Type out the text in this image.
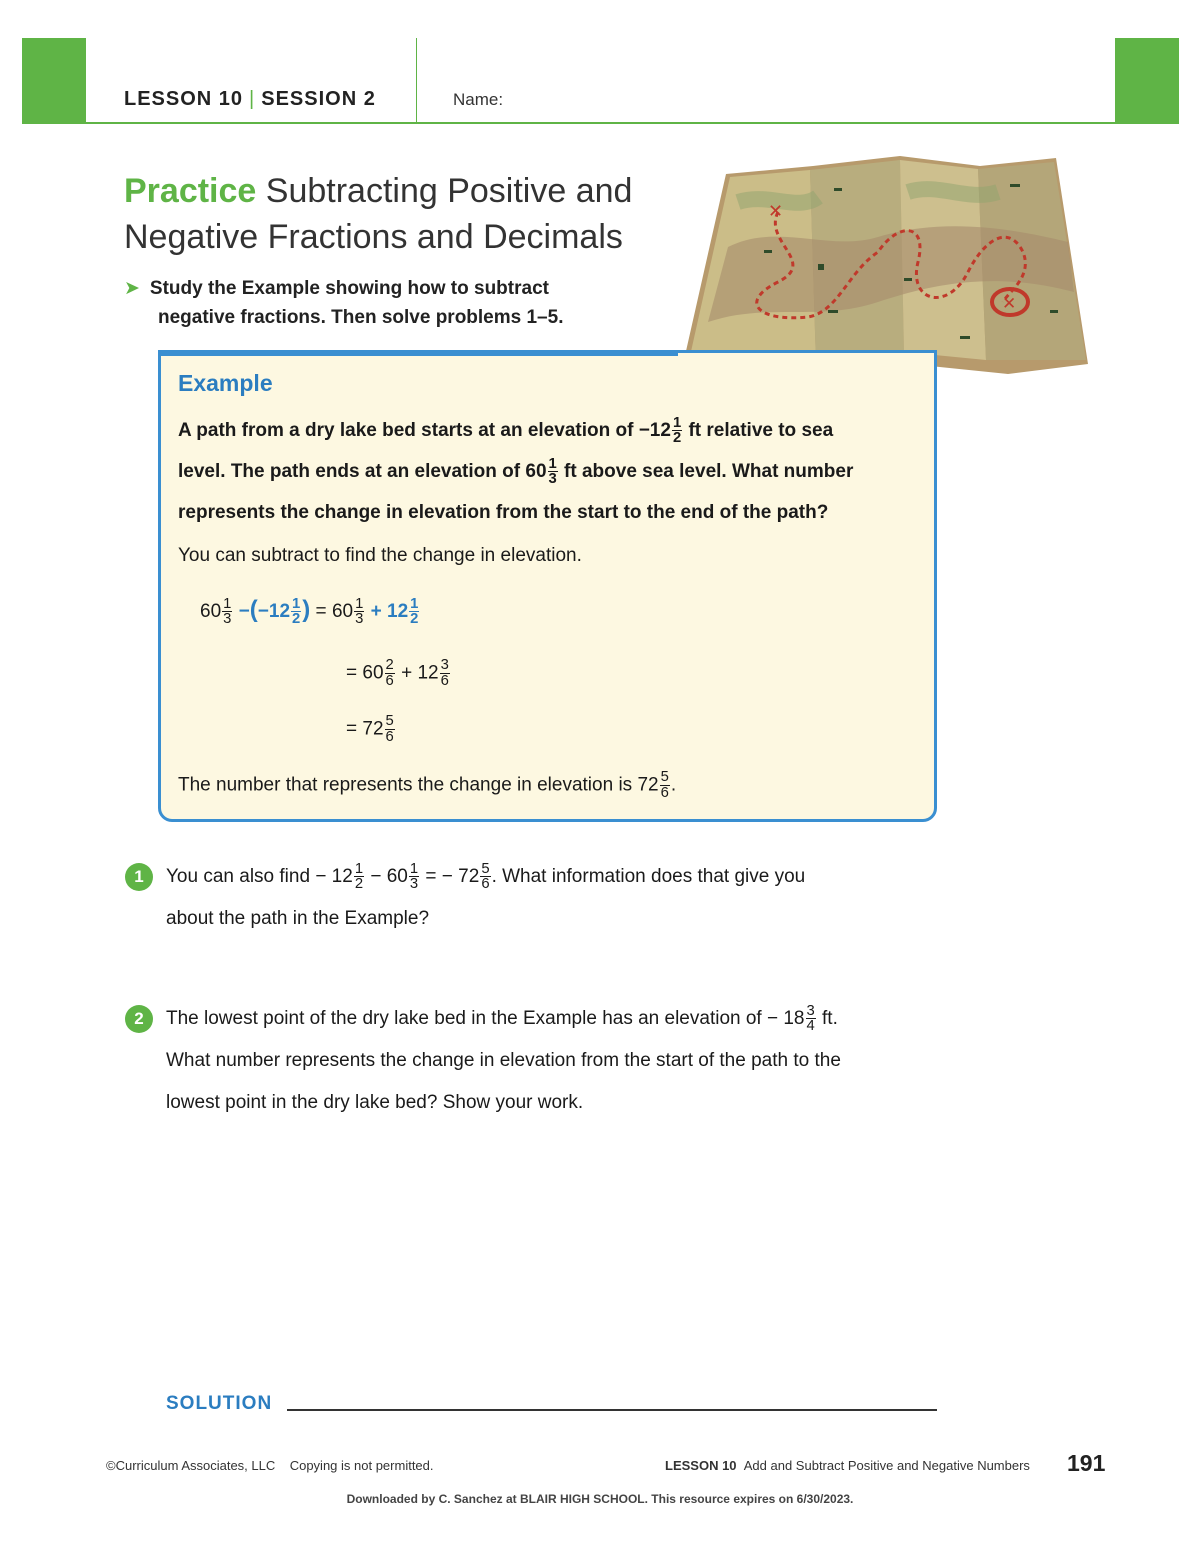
LESSON 10 | SESSION 2	Name:
Practice Subtracting Positive and
Negative Fractions and Decimals
➤ Study the Example showing how to subtract
negative fractions. Then solve problems 1–5.
✕
✕
Example
A path from a dry lake bed starts at an elevation of $-12 \frac{1}{2}$ ft relative to sea
level. The path ends at an elevation of $60 \frac{1}{3}$ ft above sea level. What number
represents the change in elevation from the start to the end of the path?
You can subtract to find the change in elevation.
$60 \frac{1}{3} -(-12 \frac{1}{2}$ ) = $60 \frac{1}{3} + 12 \frac{1}{2}$
= $60 \frac{2}{6} + 12 \frac{3}{6}$
= $72 \frac{5}{6}$
The number that represents the change in elevation is $72 \frac{5}{6}$ .
1	You can also find − $12 \frac{1}{2} - 60 \frac{1}{3}$ = − $72 \frac{5}{6}$ . What information does that give you
about the path in the Example?
2	The lowest point of the dry lake bed in the Example has an elevation of − $18 \frac{3}{4}$ ft.
What number represents the change in elevation from the start of the path to the
lowest point in the dry lake bed? Show your work.
SOLUTION
©Curriculum Associates, LLC Copying is not permitted.	LESSON 10 Add and Subtract Positive and Negative Numbers 191
Downloaded by C. Sanchez at BLAIR HIGH SCHOOL. This resource expires on 6/30/2023.
